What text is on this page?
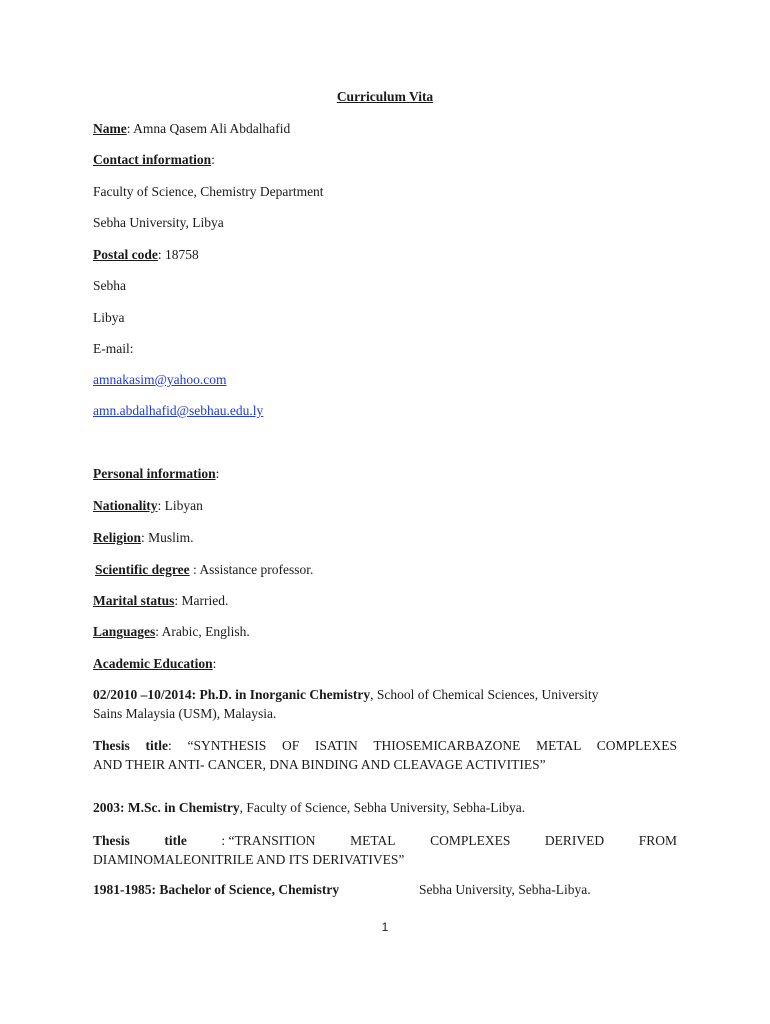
Curriculum Vita
Name: Amna Qasem Ali Abdalhafid
Contact information:
Faculty of Science, Chemistry Department
Sebha University, Libya
Postal code: 18758
Sebha
Libya
E-mail:
amnakasim@yahoo.com
amn.abdalhafid@sebhau.edu.ly
Personal information:
Nationality: Libyan
Religion: Muslim.
Scientific degree : Assistance professor.
Marital status: Married.
Languages: Arabic, English.
Academic Education:
02/2010 –10/2014: Ph.D. in Inorganic Chemistry, School of Chemical Sciences, University
Sains Malaysia (USM), Malaysia.
Thesis title: “SYNTHESIS OF ISATIN THIOSEMICARBAZONE METAL COMPLEXES
AND THEIR ANTI- CANCER, DNA BINDING AND CLEAVAGE ACTIVITIES”
2003: M.Sc. in Chemistry, Faculty of Science, Sebha University, Sebha-Libya.
Thesis	title	: “TRANSITION	METAL	COMPLEXES	DERIVED	FROM
DIAMINOMALEONITRILE AND ITS DERIVATIVES”
1981-1985: Bachelor of Science, Chemistry	Sebha University, Sebha-Libya.
1
